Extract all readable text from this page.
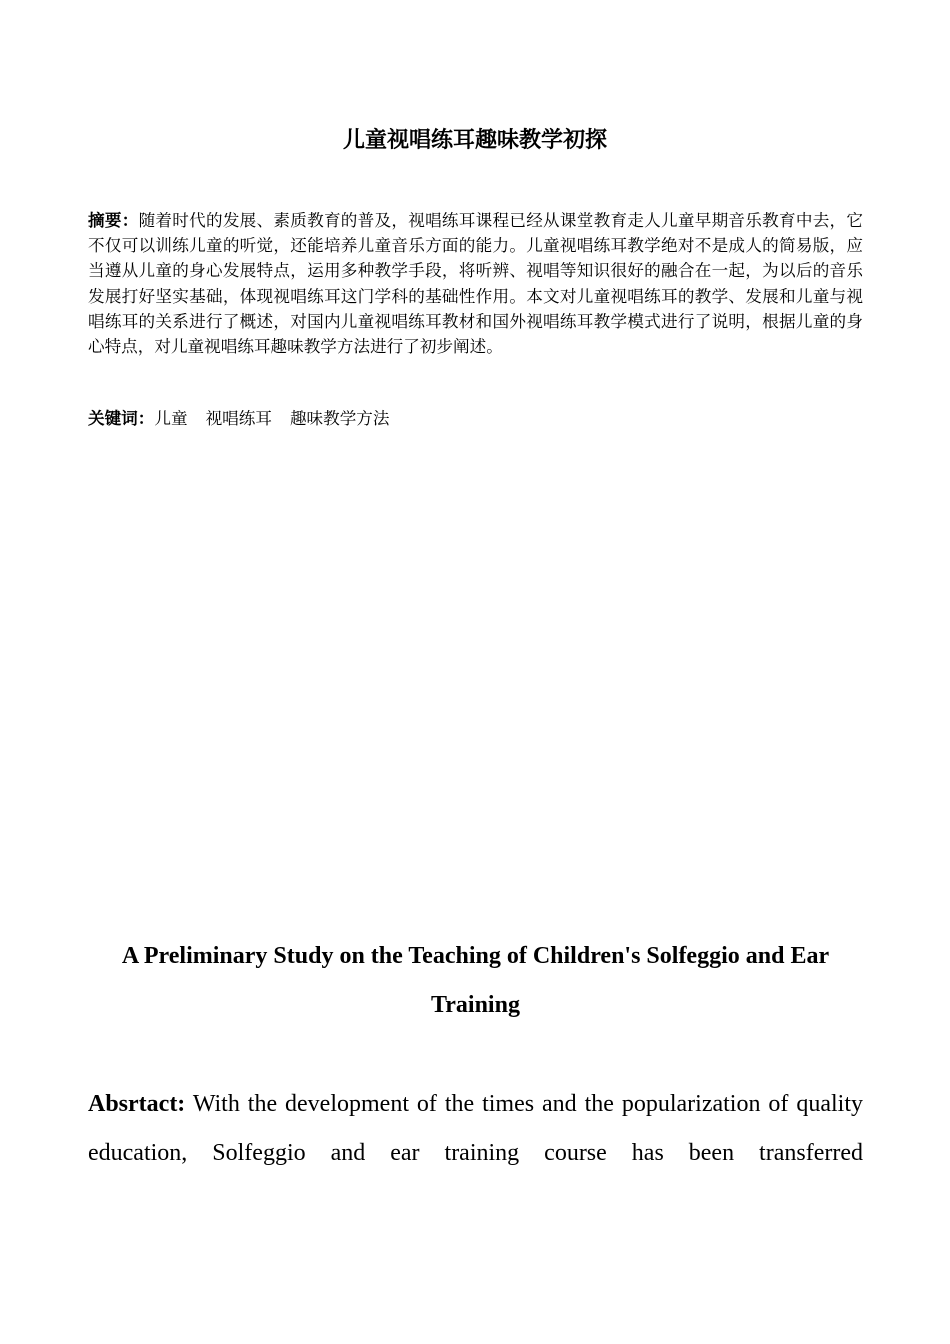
儿童视唱练耳趣味教学初探

摘要：随着时代的发展、素质教育的普及，视唱练耳课程已经从课堂教育走人儿童早期音乐教育中去，它不仅可以训练儿童的听觉，还能培养儿童音乐方面的能力。儿童视唱练耳教学绝对不是成人的简易版，应当遵从儿童的身心发展特点，运用多种教学手段，将听辨、视唱等知识很好的融合在一起，为以后的音乐发展打好坚实基础，体现视唱练耳这门学科的基础性作用。本文对儿童视唱练耳的教学、发展和儿童与视唱练耳的关系进行了概述，对国内儿童视唱练耳教材和国外视唱练耳教学模式进行了说明，根据儿童的身心特点，对儿童视唱练耳趣味教学方法进行了初步阐述。

关键词：儿童 视唱练耳 趣味教学方法

A Preliminary Study on the Teaching of Children's Solfeggio and Ear Training

Absrtact: With the development of the times and the popularization of quality education, Solfeggio and ear training course has been transferred
